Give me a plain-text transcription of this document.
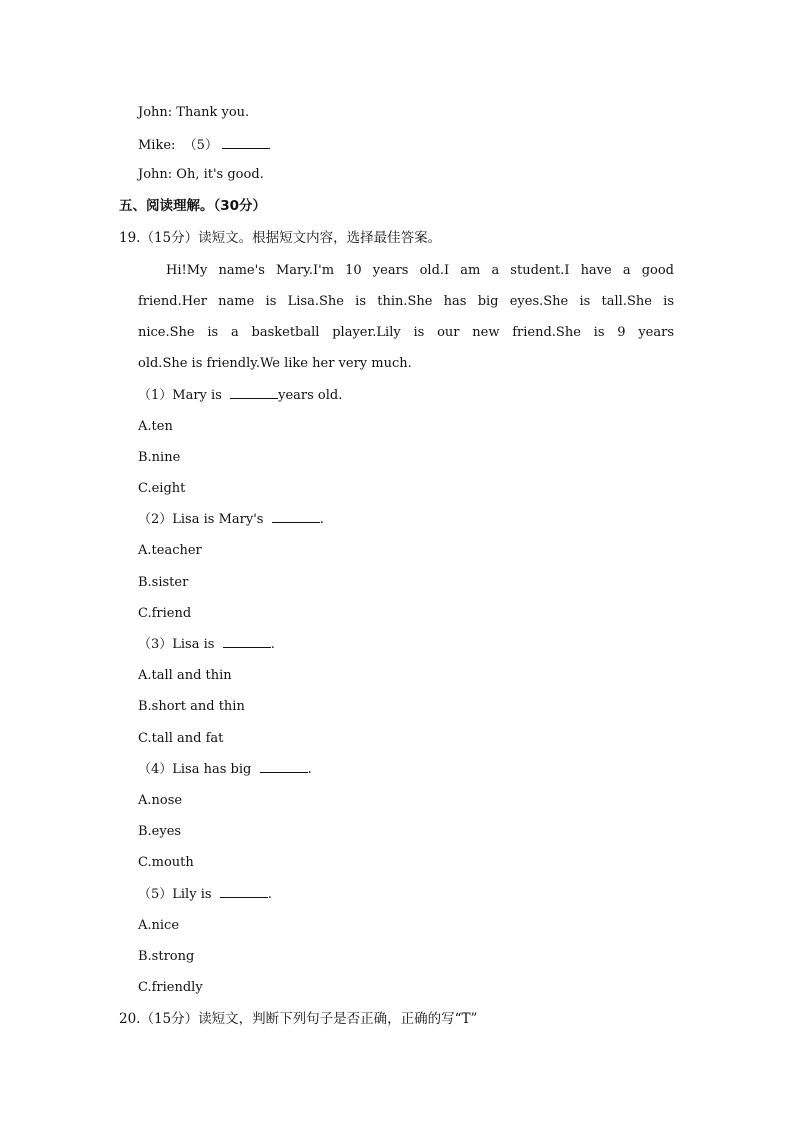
John: Thank you.
Mike:  （5）
John: Oh, it's good.
五、阅读理解。（30分）
19.（15分）读短文。根据短文内容，选择最佳答案。
Hi!My name's Mary.I'm 10 years old.I am a student.I have a good
friend.Her name is Lisa.She is thin.She has big eyes.She is tall.She is
nice.She is a basketball player.Lily is our new friend.She is 9 years
old.She is friendly.We like her very much.
（1）Mary is	years old.
A.ten
B.nine
C.eight
（2）Lisa is Mary's	.
A.teacher
B.sister
C.friend
（3）Lisa is	.
A.tall and thin
B.short and thin
C.tall and fat
（4）Lisa has big	.
A.nose
B.eyes
C.mouth
（5）Lily is	.
A.nice
B.strong
C.friendly
20.（15分）读短文，判断下列句子是否正确，正确的写“T”
